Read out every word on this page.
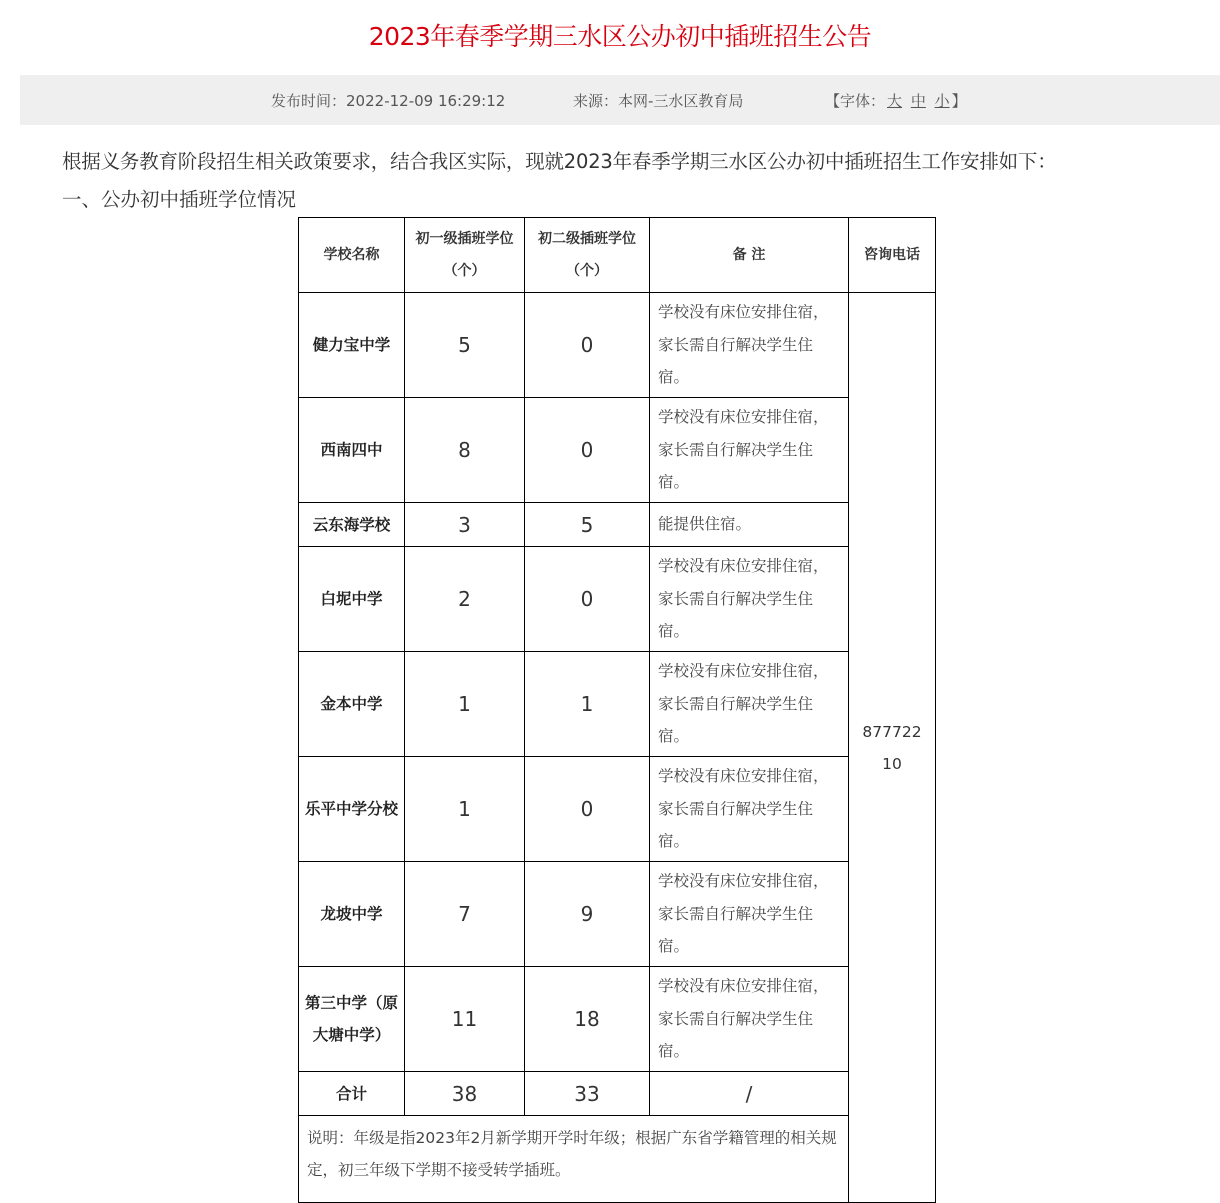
2023年春季学期三水区公办初中插班招生公告
发布时间：2022-12-09 16:29:12	来源：本网-三水区教育局	【字体： 大 中 小 】
根据义务教育阶段招生相关政策要求，结合我区实际，现就2023年春季学期三水区公办初中插班招生工作安排如下：
一、公办初中插班学位情况
学校名称	初一级插班学位（个）	初二级插班学位（个）	备 注	咨询电话
健力宝中学	5	0	学校没有床位安排住宿，家长需自行解决学生住宿。	87772210
西南四中	8	0	学校没有床位安排住宿，家长需自行解决学生住宿。	
云东海学校	3	5	能提供住宿。	
白坭中学	2	0	学校没有床位安排住宿，家长需自行解决学生住宿。	
金本中学	1	1	学校没有床位安排住宿，家长需自行解决学生住宿。	
乐平中学分校	1	0	学校没有床位安排住宿，家长需自行解决学生住宿。	
龙坡中学	7	9	学校没有床位安排住宿，家长需自行解决学生住宿。	
第三中学（原大塘中学）	11	18	学校没有床位安排住宿，家长需自行解决学生住宿。	
合计	38	33	/	
说明：年级是指2023年2月新学期开学时年级；根据广东省学籍管理的相关规定，初三年级下学期不接受转学插班。				
